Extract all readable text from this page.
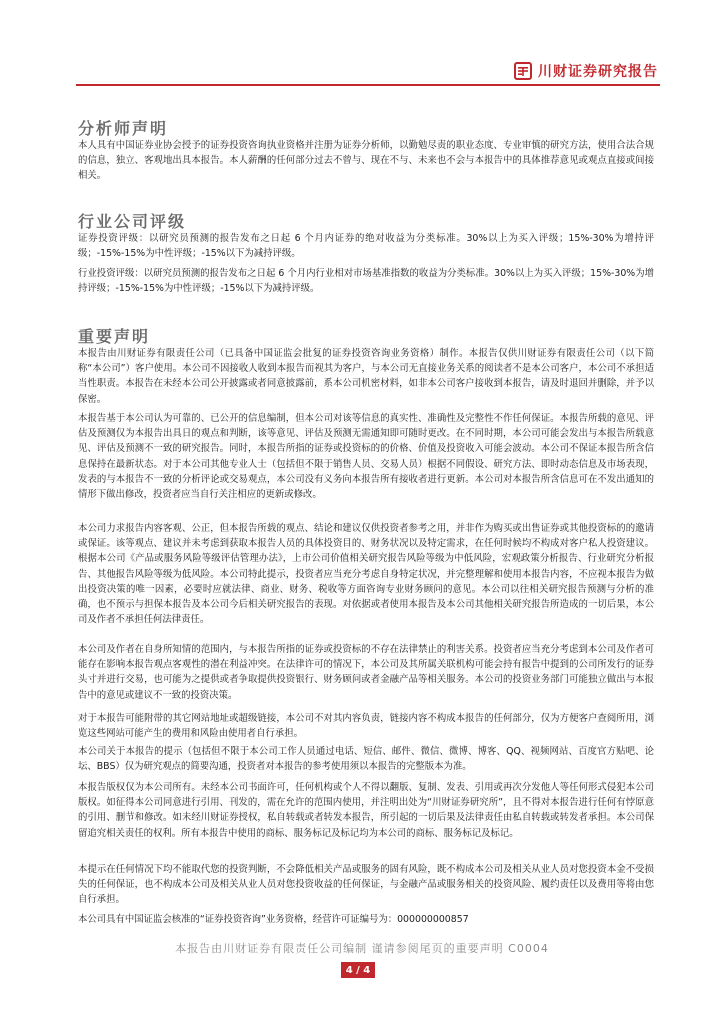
川财证券研究报告
分析师声明

本人具有中国证券业协会授予的证券投资咨询执业资格并注册为证券分析师，以勤勉尽责的职业态度、专业审慎的研究方法，使用合法合规的信息，独立、客观地出具本报告。本人薪酬的任何部分过去不曾与、现在不与、未来也不会与本报告中的具体推荐意见或观点直接或间接相关。

行业公司评级

证券投资评级：以研究员预测的报告发布之日起 6 个月内证券的绝对收益为分类标准。30%以上为买入评级；15%-30%为增持评级；-15%-15%为中性评级；-15%以下为减持评级。

行业投资评级：以研究员预测的报告发布之日起 6 个月内行业相对市场基准指数的收益为分类标准。30%以上为买入评级；15%-30%为增持评级；-15%-15%为中性评级；-15%以下为减持评级。

重要声明

本报告由川财证券有限责任公司（已具备中国证监会批复的证券投资咨询业务资格）制作。本报告仅供川财证券有限责任公司（以下简称“本公司”）客户使用。本公司不因接收人收到本报告而视其为客户，与本公司无直接业务关系的阅读者不是本公司客户，本公司不承担适当性职责。本报告在未经本公司公开披露或者同意披露前，系本公司机密材料，如非本公司客户接收到本报告，请及时退回并删除，并予以保密。

本报告基于本公司认为可靠的、已公开的信息编制，但本公司对该等信息的真实性、准确性及完整性不作任何保证。本报告所载的意见、评估及预测仅为本报告出具日的观点和判断，该等意见、评估及预测无需通知即可随时更改。在不同时期，本公司可能会发出与本报告所载意见、评估及预测不一致的研究报告。同时，本报告所指的证券或投资标的的价格、价值及投资收入可能会波动。本公司不保证本报告所含信息保持在最新状态。对于本公司其他专业人士（包括但不限于销售人员、交易人员）根据不同假设、研究方法、即时动态信息及市场表现，发表的与本报告不一致的分析评论或交易观点，本公司没有义务向本报告所有接收者进行更新。本公司对本报告所含信息可在不发出通知的情形下做出修改，投资者应当自行关注相应的更新或修改。

本公司力求报告内容客观、公正，但本报告所载的观点、结论和建议仅供投资者参考之用，并非作为购买或出售证券或其他投资标的的邀请或保证。该等观点、建议并未考虑到获取本报告人员的具体投资目的、财务状况以及特定需求，在任何时候均不构成对客户私人投资建议。根据本公司《产品或服务风险等级评估管理办法》，上市公司价值相关研究报告风险等级为中低风险，宏观政策分析报告、行业研究分析报告、其他报告风险等级为低风险。本公司特此提示，投资者应当充分考虑自身特定状况，并完整理解和使用本报告内容，不应视本报告为做出投资决策的唯一因素，必要时应就法律、商业、财务、税收等方面咨询专业财务顾问的意见。本公司以往相关研究报告预测与分析的准确，也不预示与担保本报告及本公司今后相关研究报告的表现。对依据或者使用本报告及本公司其他相关研究报告所造成的一切后果，本公司及作者不承担任何法律责任。

本公司及作者在自身所知情的范围内，与本报告所指的证券或投资标的不存在法律禁止的利害关系。投资者应当充分考虑到本公司及作者可能存在影响本报告观点客观性的潜在利益冲突。在法律许可的情况下，本公司及其所属关联机构可能会持有报告中提到的公司所发行的证券头寸并进行交易，也可能为之提供或者争取提供投资银行、财务顾问或者金融产品等相关服务。本公司的投资业务部门可能独立做出与本报告中的意见或建议不一致的投资决策。

对于本报告可能附带的其它网站地址或超级链接，本公司不对其内容负责，链接内容不构成本报告的任何部分，仅为方便客户查阅所用，浏览这些网站可能产生的费用和风险由使用者自行承担。

本公司关于本报告的提示（包括但不限于本公司工作人员通过电话、短信、邮件、微信、微博、博客、QQ、视频网站、百度官方贴吧、论坛、BBS）仅为研究观点的简要沟通，投资者对本报告的参考使用须以本报告的完整版本为准。

本报告版权仅为本公司所有。未经本公司书面许可，任何机构或个人不得以翻版、复制、发表、引用或再次分发他人等任何形式侵犯本公司版权。如征得本公司同意进行引用、刊发的，需在允许的范围内使用，并注明出处为“川财证券研究所”，且不得对本报告进行任何有悖原意的引用、删节和修改。如未经川财证券授权，私自转载或者转发本报告，所引起的一切后果及法律责任由私自转载或转发者承担。本公司保留追究相关责任的权利。所有本报告中使用的商标、服务标记及标记均为本公司的商标、服务标记及标记。

本提示在任何情况下均不能取代您的投资判断，不会降低相关产品或服务的固有风险，既不构成本公司及相关从业人员对您投资本金不受损失的任何保证，也不构成本公司及相关从业人员对您投资收益的任何保证，与金融产品或服务相关的投资风险、履约责任以及费用等将由您自行承担。

本公司具有中国证监会核准的“证券投资咨询”业务资格，经营许可证编号为：000000000857

本报告由川财证券有限责任公司编制 谨请参阅尾页的重要声明 C0004
4 / 4
